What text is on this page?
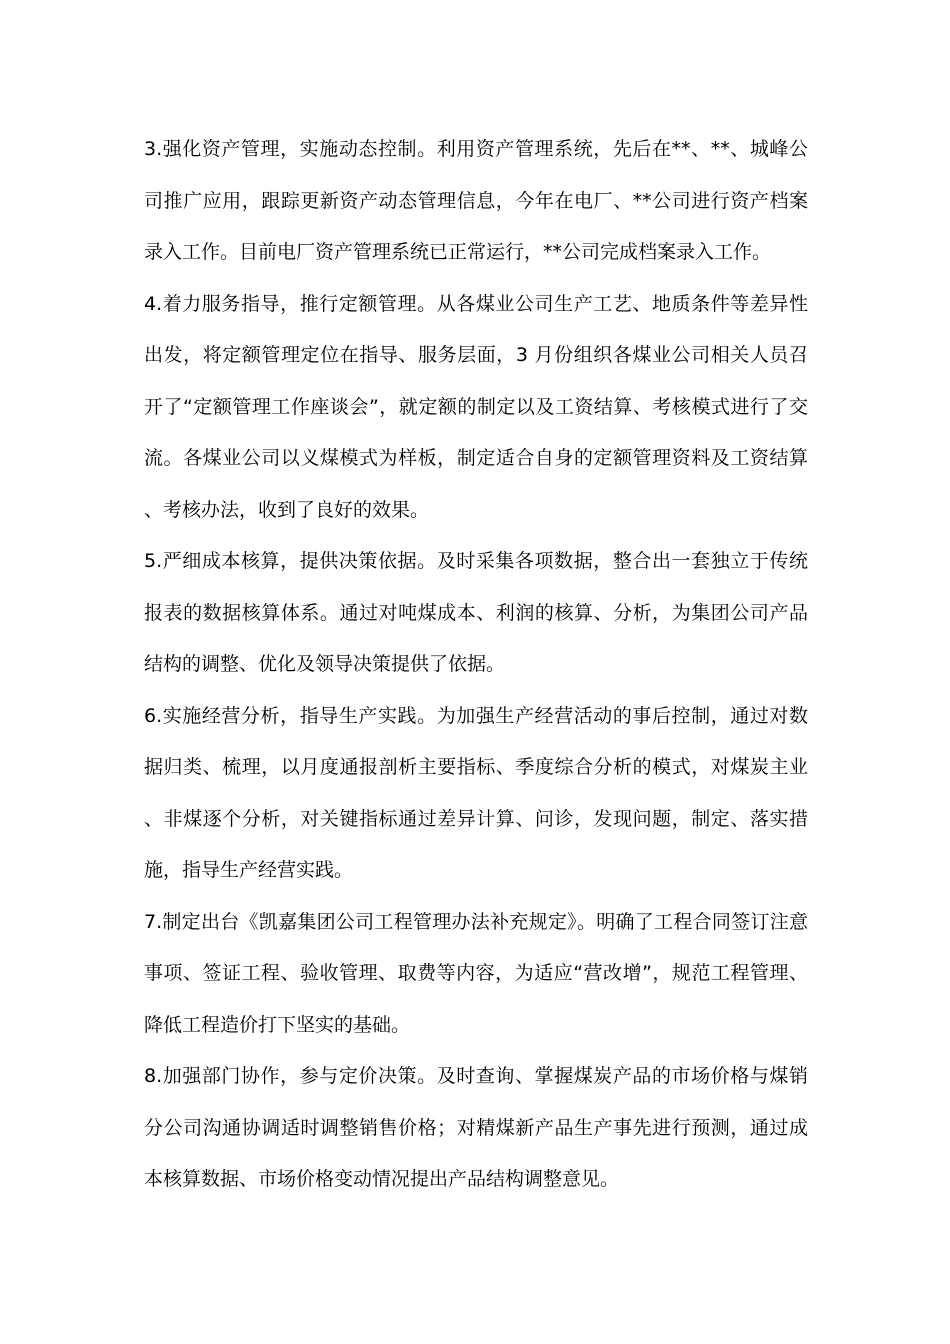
3.强化资产管理，实施动态控制。利用资产管理系统，先后在**、**、城峰公司推广应用，跟踪更新资产动态管理信息，今年在电厂、**公司进行资产档案录入工作。目前电厂资产管理系统已正常运行，**公司完成档案录入工作。

4.着力服务指导，推行定额管理。从各煤业公司生产工艺、地质条件等差异性出发，将定额管理定位在指导、服务层面，3 月份组织各煤业公司相关人员召开了“定额管理工作座谈会”，就定额的制定以及工资结算、考核模式进行了交流。各煤业公司以义煤模式为样板，制定适合自身的定额管理资料及工资结算、考核办法，收到了良好的效果。

5.严细成本核算，提供决策依据。及时采集各项数据，整合出一套独立于传统报表的数据核算体系。通过对吨煤成本、利润的核算、分析，为集团公司产品结构的调整、优化及领导决策提供了依据。

6.实施经营分析，指导生产实践。为加强生产经营活动的事后控制，通过对数据归类、梳理，以月度通报剖析主要指标、季度综合分析的模式，对煤炭主业、非煤逐个分析，对关键指标通过差异计算、问诊，发现问题，制定、落实措施，指导生产经营实践。

7.制定出台《凯嘉集团公司工程管理办法补充规定》。明确了工程合同签订注意事项、签证工程、验收管理、取费等内容，为适应“营改增”，规范工程管理、降低工程造价打下坚实的基础。

8.加强部门协作，参与定价决策。及时查询、掌握煤炭产品的市场价格与煤销分公司沟通协调适时调整销售价格；对精煤新产品生产事先进行预测，通过成本核算数据、市场价格变动情况提出产品结构调整意见。
